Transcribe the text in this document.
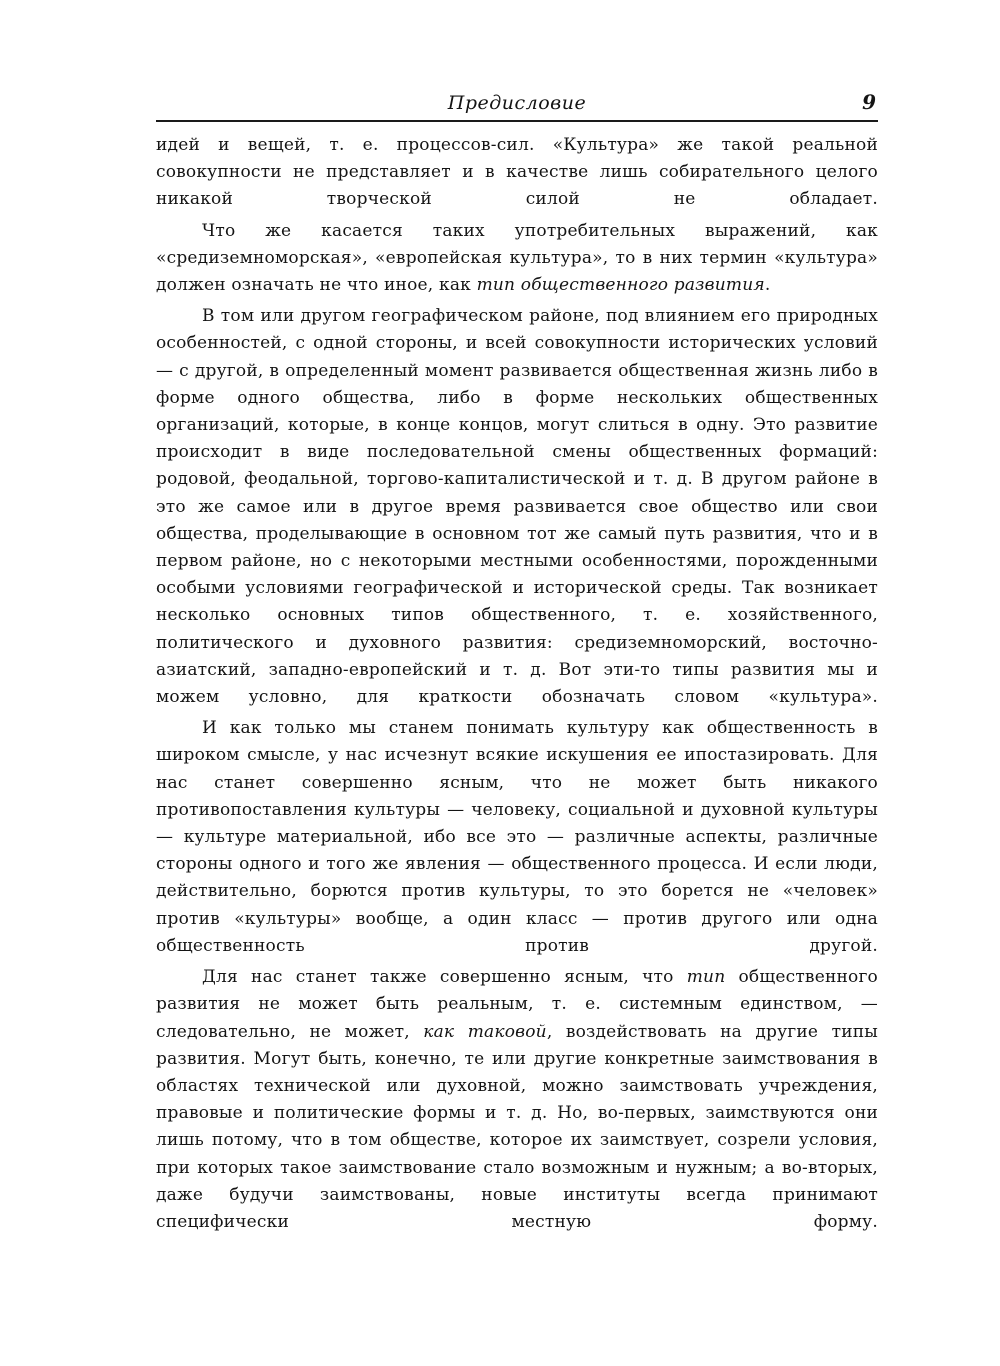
Предисловие	9

идей и вещей, т. е. процессов-сил. «Культура» же такой реальной совокупности не представляет и в качестве лишь собирательного целого никакой творческой силой не обладает.

Что же касается таких употребительных выражений, как «средиземноморская», «европейская культура», то в них термин «культура» должен означать не что иное, как тип общественного развития.

В том или другом географическом районе, под влиянием его природных особенностей, с одной стороны, и всей совокупности исторических условий — с другой, в определенный момент развивается общественная жизнь либо в форме одного общества, либо в форме нескольких общественных организаций, которые, в конце концов, могут слиться в одну. Это развитие происходит в виде последовательной смены общественных формаций: родовой, феодальной, торгово-капиталистической и т. д. В другом районе в это же самое или в другое время развивается свое общество или свои общества, проделывающие в основном тот же самый путь развития, что и в первом районе, но с некоторыми местными особенностями, порожденными особыми условиями географической и исторической среды. Так возникает несколько основных типов общественного, т. е. хозяйственного, политического и духовного развития: средиземноморский, восточно-азиатский, западно-европейский и т. д. Вот эти-то типы развития мы и можем условно, для краткости обозначать словом «культура».

И как только мы станем понимать культуру как общественность в широком смысле, у нас исчезнут всякие искушения ее ипостазировать. Для нас станет совершенно ясным, что не может быть никакого противопоставления культуры — человеку, социальной и духовной культуры — культуре материальной, ибо все это — различные аспекты, различные стороны одного и того же явления — общественного процесса. И если люди, действительно, борются против культуры, то это борется не «человек» против «культуры» вообще, а один класс — против другого или одна общественность против другой.

Для нас станет также совершенно ясным, что тип общественного развития не может быть реальным, т. е. системным единством, — следовательно, не может, как таковой, воздействовать на другие типы развития. Могут быть, конечно, те или другие конкретные заимствования в областях технической или духовной, можно заимствовать учреждения, правовые и политические формы и т. д. Но, во-первых, заимствуются они лишь потому, что в том обществе, которое их заимствует, созрели условия, при которых такое заимствование стало возможным и нужным; а во-вторых, даже будучи заимствованы, новые институты всегда принимают специфически местную форму.
